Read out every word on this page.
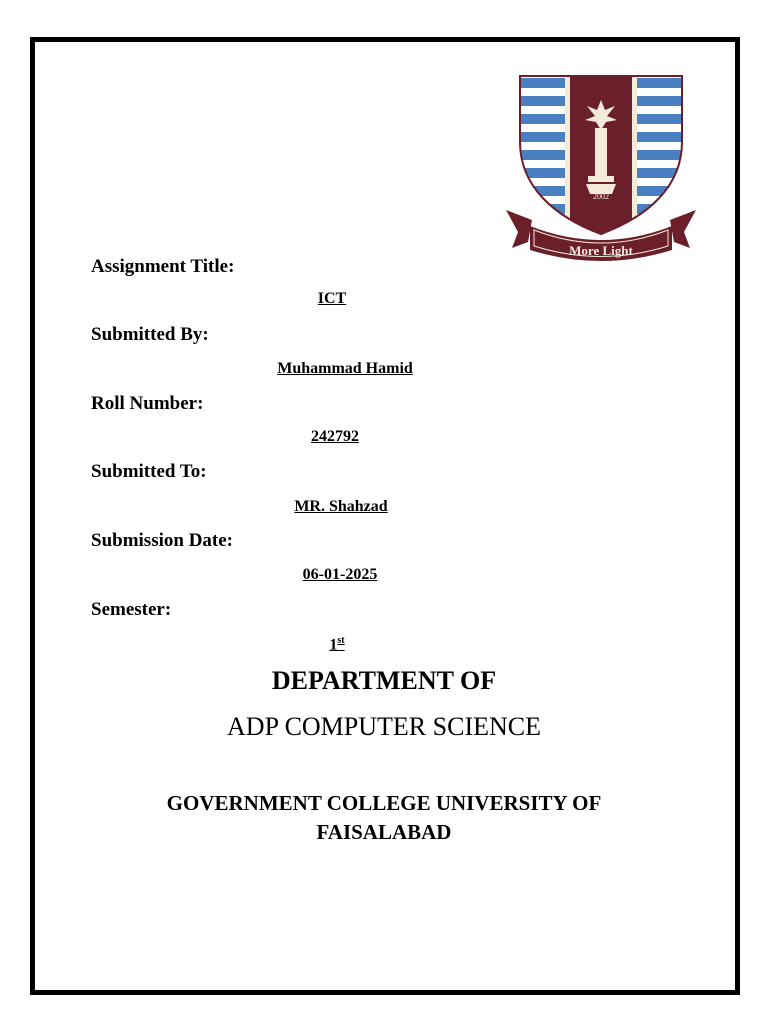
2002
More Light
Assignment Title:
ICT
Submitted By:
Muhammad Hamid
Roll Number:
242792
Submitted To:
MR. Shahzad
Submission Date:
06-01-2025
Semester:
1st
DEPARTMENT OF
ADP COMPUTER SCIENCE
GOVERNMENT COLLEGE UNIVERSITY OF FAISALABAD
